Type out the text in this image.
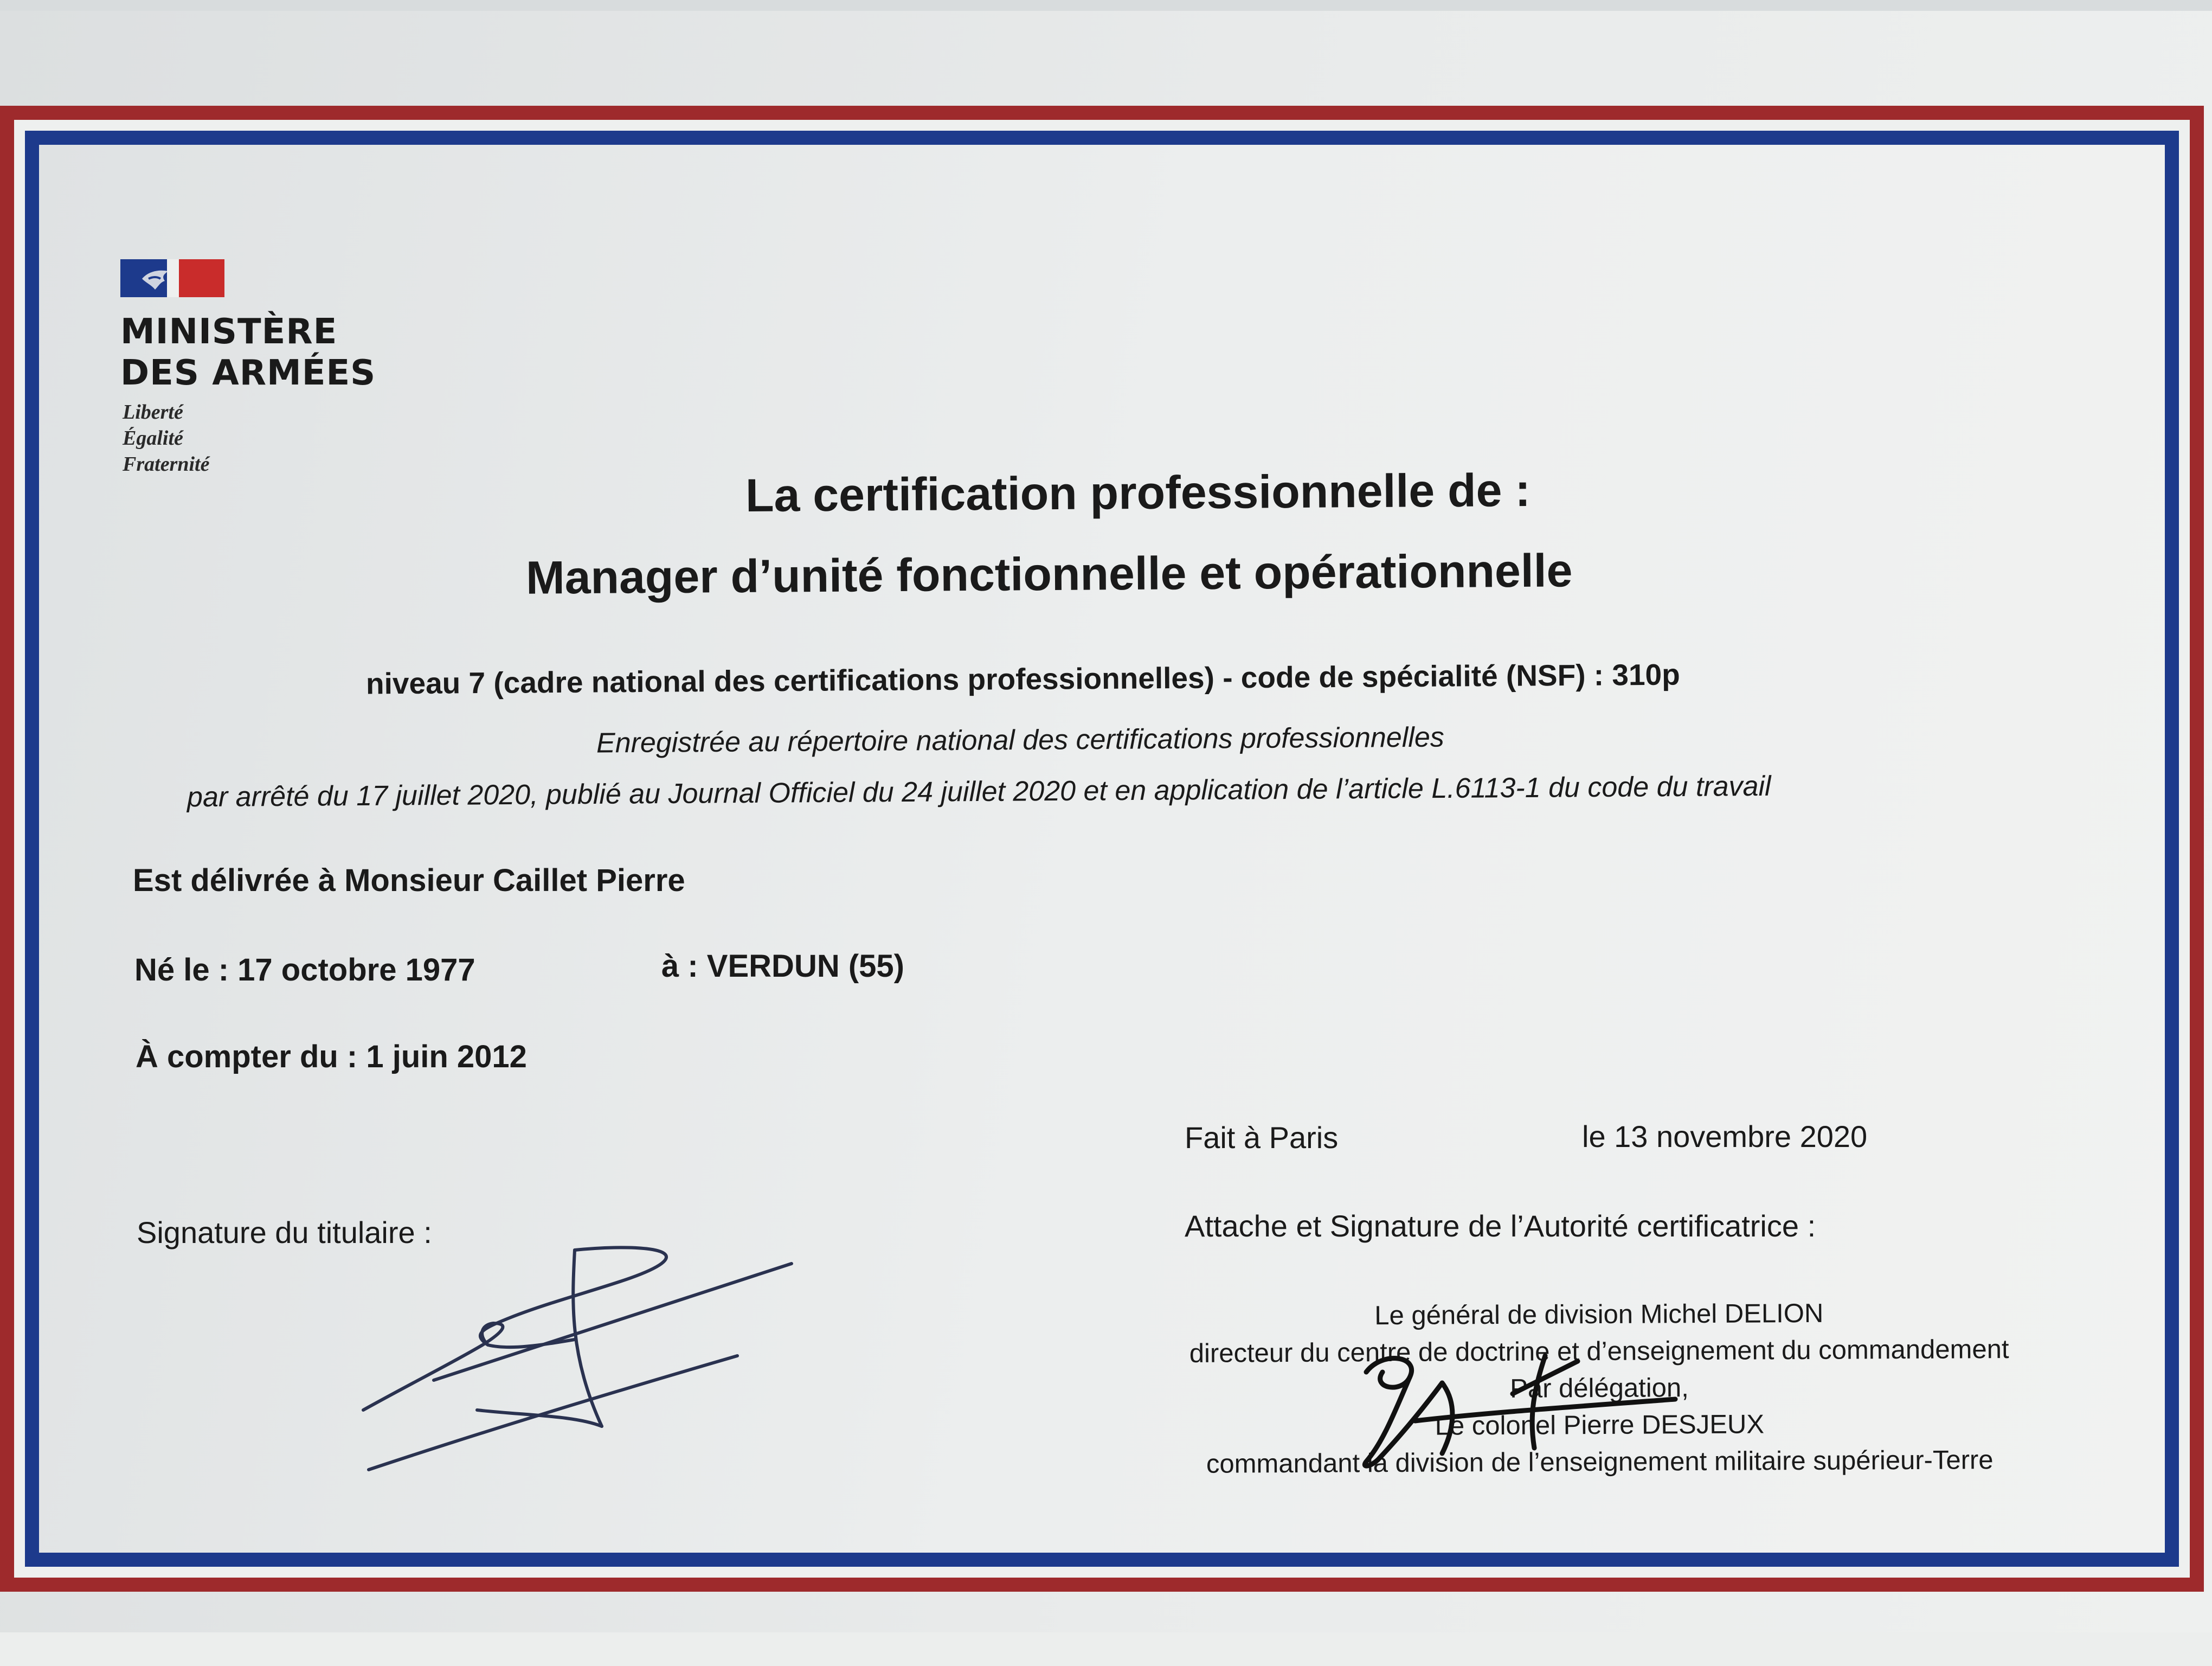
MINISTÈRE
DES ARMÉES
Liberté
Égalité
Fraternité	La certification professionnelle de :
Manager d’unité fonctionnelle et opérationnelle
niveau 7 (cadre national des certifications professionnelles) - code de spécialité (NSF) : 310p
Enregistrée au répertoire national des certifications professionnelles
par arrêté du 17 juillet 2020, publié au Journal Officiel du 24 juillet 2020 et en application de l’article L.6113-1 du code du travail
Est délivrée à Monsieur Caillet Pierre
Né le : 17 octobre 1977	à : VERDUN (55)
À compter du : 1 juin 2012
Fait à Paris	le 13 novembre 2020
Signature du titulaire :	Attache et Signature de l’Autorité certificatrice :
Le général de division Michel DELION
directeur du centre de doctrine et d’enseignement du commandement
Par délégation,
Le colonel Pierre DESJEUX
commandant la division de l’enseignement militaire supérieur-Terre
